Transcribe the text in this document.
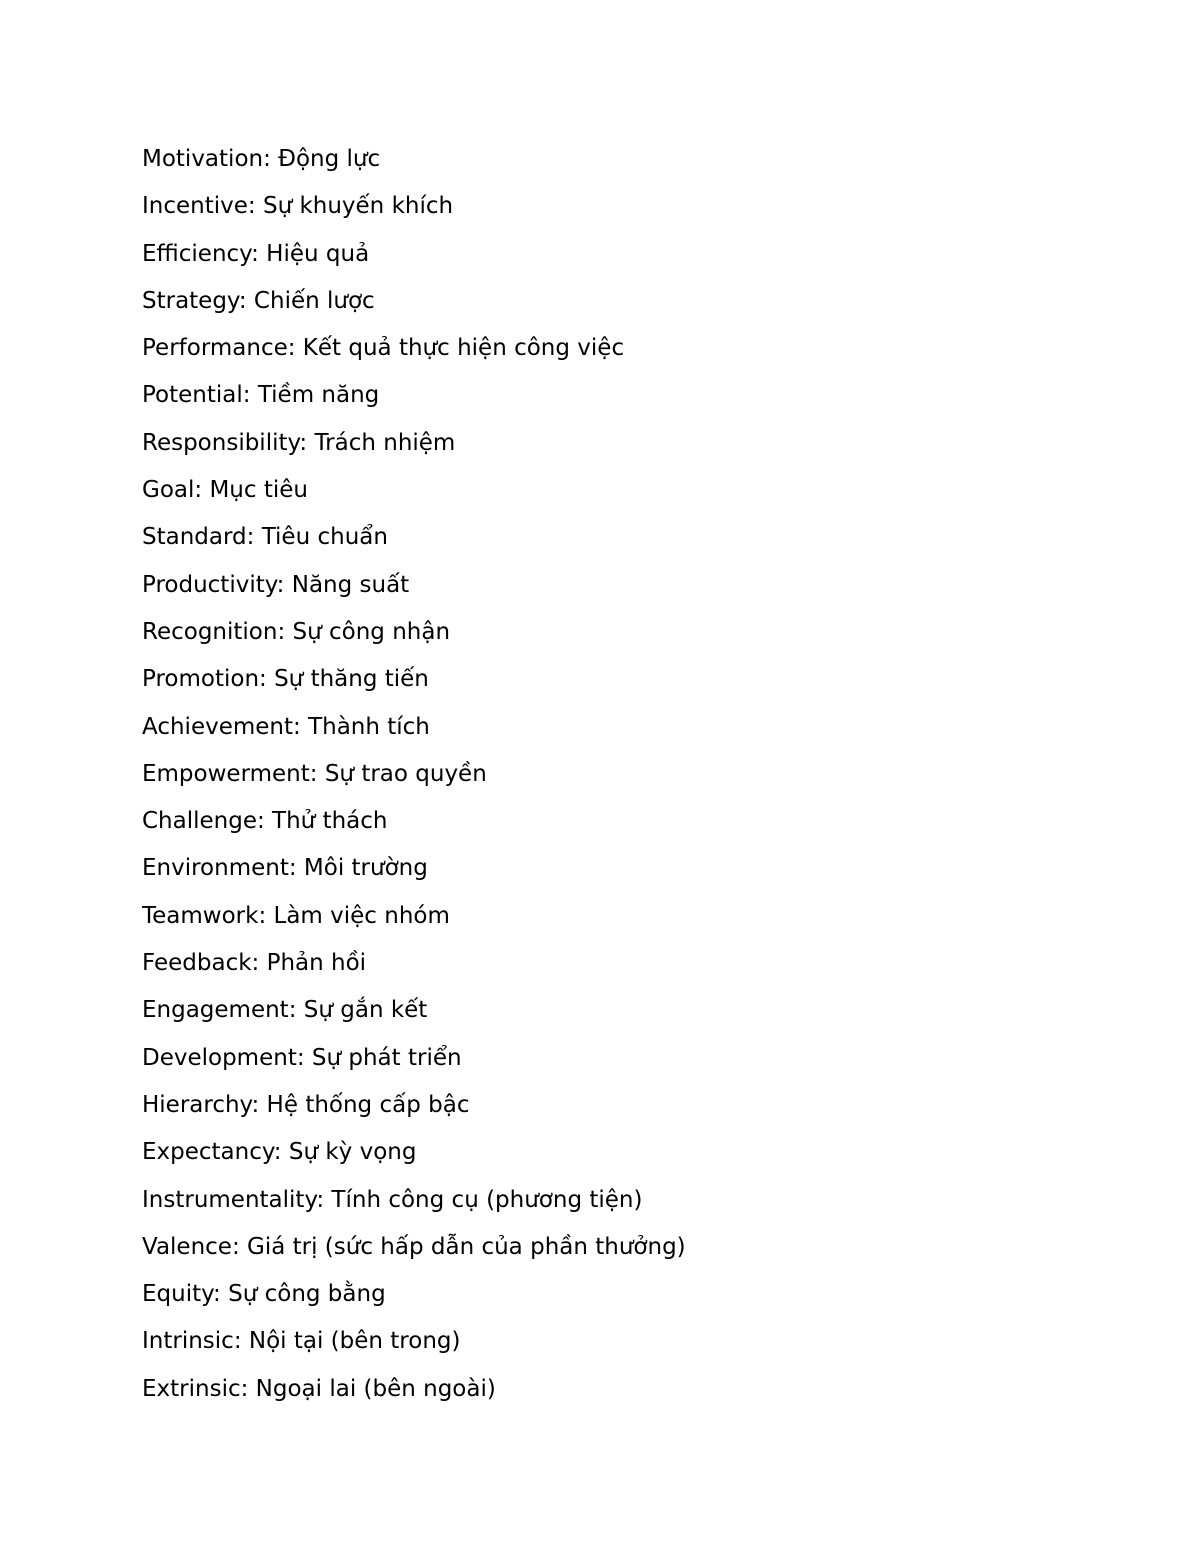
Motivation: Động lực
Incentive: Sự khuyến khích
Efficiency: Hiệu quả
Strategy: Chiến lược
Performance: Kết quả thực hiện công việc
Potential: Tiềm năng
Responsibility: Trách nhiệm
Goal: Mục tiêu
Standard: Tiêu chuẩn
Productivity: Năng suất
Recognition: Sự công nhận
Promotion: Sự thăng tiến
Achievement: Thành tích
Empowerment: Sự trao quyền
Challenge: Thử thách
Environment: Môi trường
Teamwork: Làm việc nhóm
Feedback: Phản hồi
Engagement: Sự gắn kết
Development: Sự phát triển
Hierarchy: Hệ thống cấp bậc
Expectancy: Sự kỳ vọng
Instrumentality: Tính công cụ (phương tiện)
Valence: Giá trị (sức hấp dẫn của phần thưởng)
Equity: Sự công bằng
Intrinsic: Nội tại (bên trong)
Extrinsic: Ngoại lai (bên ngoài)
